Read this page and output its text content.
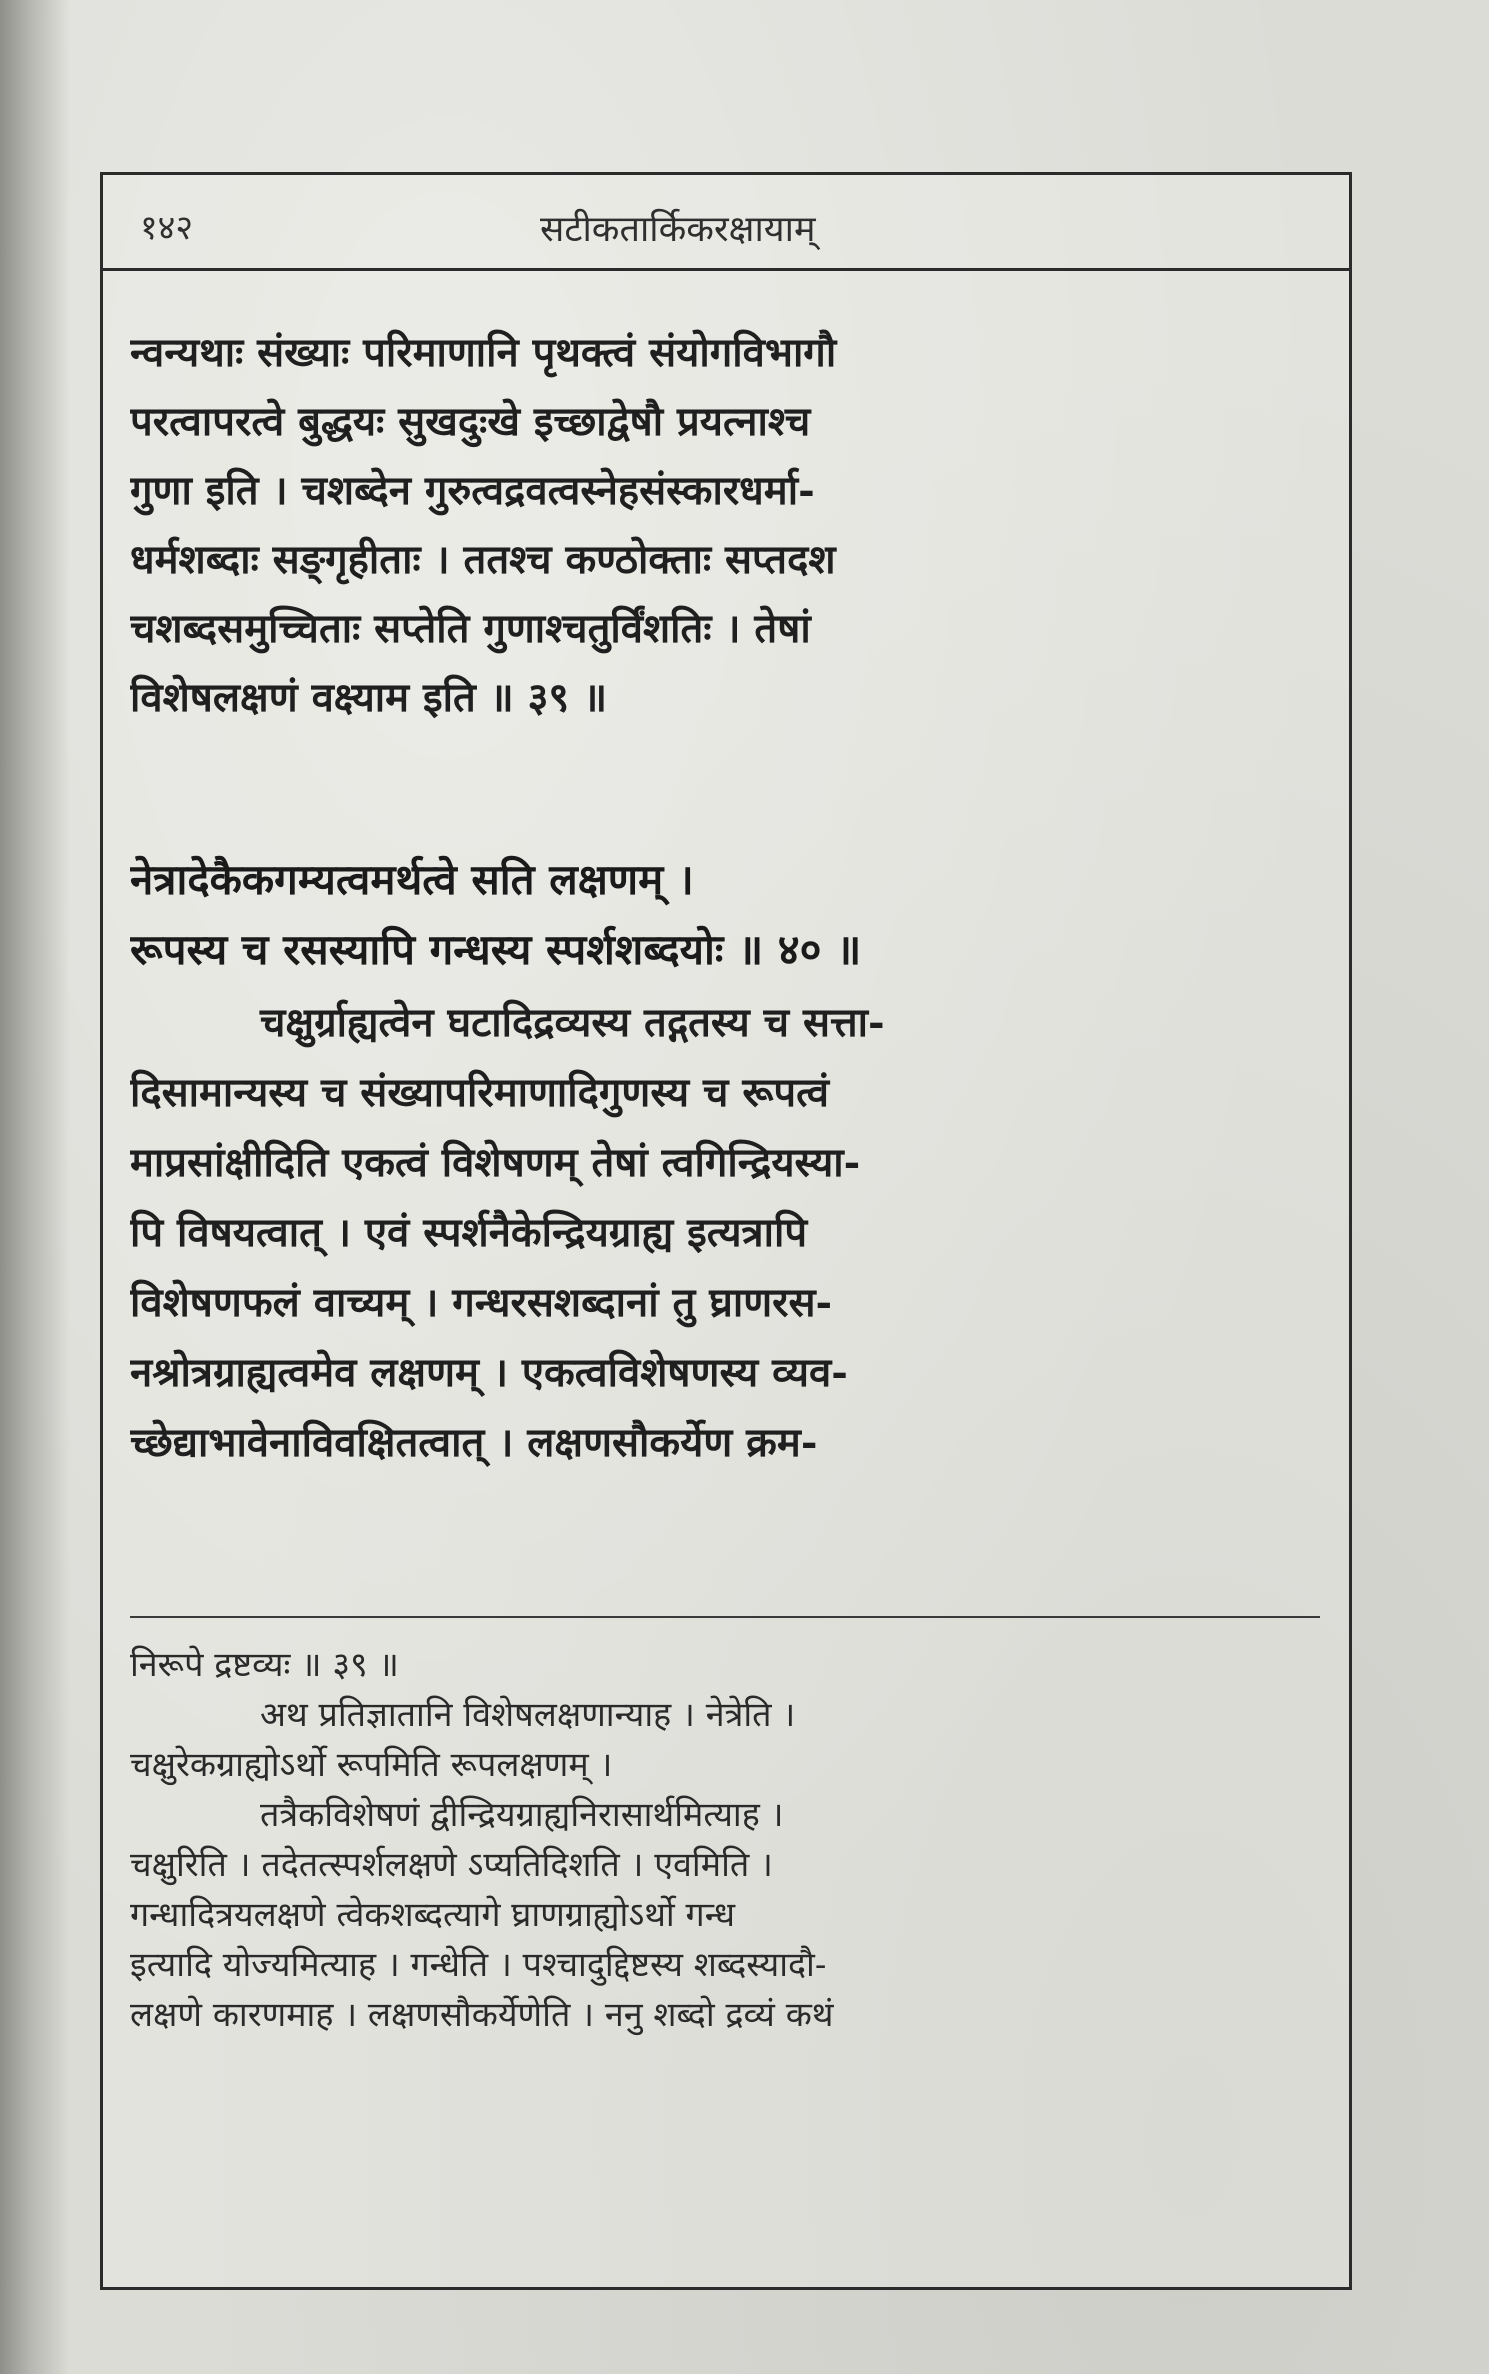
१४२	सटीकतार्किकरक्षायाम्
न्वन्यथाः संख्याः परिमाणानि पृथक्त्वं संयोगविभागौ
परत्वापरत्वे बुद्धयः सुखदुःखे इच्छाद्वेषौ प्रयत्नाश्च
गुणा इति । चशब्देन गुरुत्वद्रवत्वस्नेहसंस्कारधर्मा-
धर्मशब्दाः सङ्गृहीताः । ततश्च कण्ठोक्ताः सप्तदश
चशब्दसमुच्चिताः सप्तेति गुणाश्चतुर्विंशतिः । तेषां
विशेषलक्षणं वक्ष्याम इति ॥ ३९ ॥
नेत्रादेकैकगम्यत्वमर्थत्वे सति लक्षणम् ।
रूपस्य च रसस्यापि गन्धस्य स्पर्शशब्दयोः ॥ ४० ॥
चक्षुर्ग्राह्यत्वेन घटादिद्रव्यस्य तद्गतस्य च सत्ता-
दिसामान्यस्य च संख्यापरिमाणादिगुणस्य च रूपत्वं
माप्रसांक्षीदिति एकत्वं विशेषणम् तेषां त्वगिन्द्रियस्या-
पि विषयत्वात् । एवं स्पर्शनैकेन्द्रियग्राह्य इत्यत्रापि
विशेषणफलं वाच्यम् । गन्धरसशब्दानां तु घ्राणरस-
नश्रोत्रग्राह्यत्वमेव लक्षणम् । एकत्वविशेषणस्य व्यव-
च्छेद्याभावेनाविवक्षितत्वात् । लक्षणसौकर्येण क्रम-
निरूपे द्रष्टव्यः ॥ ३९ ॥
अथ प्रतिज्ञातानि विशेषलक्षणान्याह । नेत्रेति ।
चक्षुरेकग्राह्योऽर्थो रूपमिति रूपलक्षणम् ।
तत्रैकविशेषणं द्वीन्द्रियग्राह्यनिरासार्थमित्याह ।
चक्षुरिति । तदेतत्स्पर्शलक्षणे ऽप्यतिदिशति । एवमिति ।
गन्धादित्रयलक्षणे त्वेकशब्दत्यागे घ्राणग्राह्योऽर्थो गन्ध
इत्यादि योज्यमित्याह । गन्धेति । पश्चादुद्दिष्टस्य शब्दस्यादौ-
लक्षणे कारणमाह । लक्षणसौकर्येणेति । ननु शब्दो द्रव्यं कथं
